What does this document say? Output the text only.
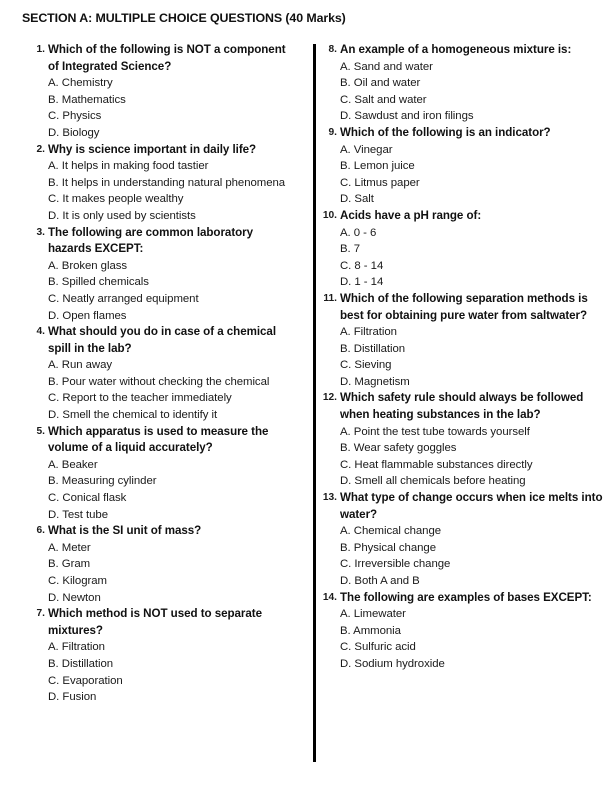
SECTION A: MULTIPLE CHOICE QUESTIONS (40 Marks)
1. Which of the following is NOT a component of Integrated Science?
A. Chemistry
B. Mathematics
C. Physics
D. Biology
2. Why is science important in daily life?
A. It helps in making food tastier
B. It helps in understanding natural phenomena
C. It makes people wealthy
D. It is only used by scientists
3. The following are common laboratory hazards EXCEPT:
A. Broken glass
B. Spilled chemicals
C. Neatly arranged equipment
D. Open flames
4. What should you do in case of a chemical spill in the lab?
A. Run away
B. Pour water without checking the chemical
C. Report to the teacher immediately
D. Smell the chemical to identify it
5. Which apparatus is used to measure the volume of a liquid accurately?
A. Beaker
B. Measuring cylinder
C. Conical flask
D. Test tube
6. What is the SI unit of mass?
A. Meter
B. Gram
C. Kilogram
D. Newton
7. Which method is NOT used to separate mixtures?
A. Filtration
B. Distillation
C. Evaporation
D. Fusion
8. An example of a homogeneous mixture is:
A. Sand and water
B. Oil and water
C. Salt and water
D. Sawdust and iron filings
9. Which of the following is an indicator?
A. Vinegar
B. Lemon juice
C. Litmus paper
D. Salt
10. Acids have a pH range of:
A. 0 - 6
B. 7
C. 8 - 14
D. 1 - 14
11. Which of the following separation methods is best for obtaining pure water from saltwater?
A. Filtration
B. Distillation
C. Sieving
D. Magnetism
12. Which safety rule should always be followed when heating substances in the lab?
A. Point the test tube towards yourself
B. Wear safety goggles
C. Heat flammable substances directly
D. Smell all chemicals before heating
13. What type of change occurs when ice melts into water?
A. Chemical change
B. Physical change
C. Irreversible change
D. Both A and B
14. The following are examples of bases EXCEPT:
A. Limewater
B. Ammonia
C. Sulfuric acid
D. Sodium hydroxide
